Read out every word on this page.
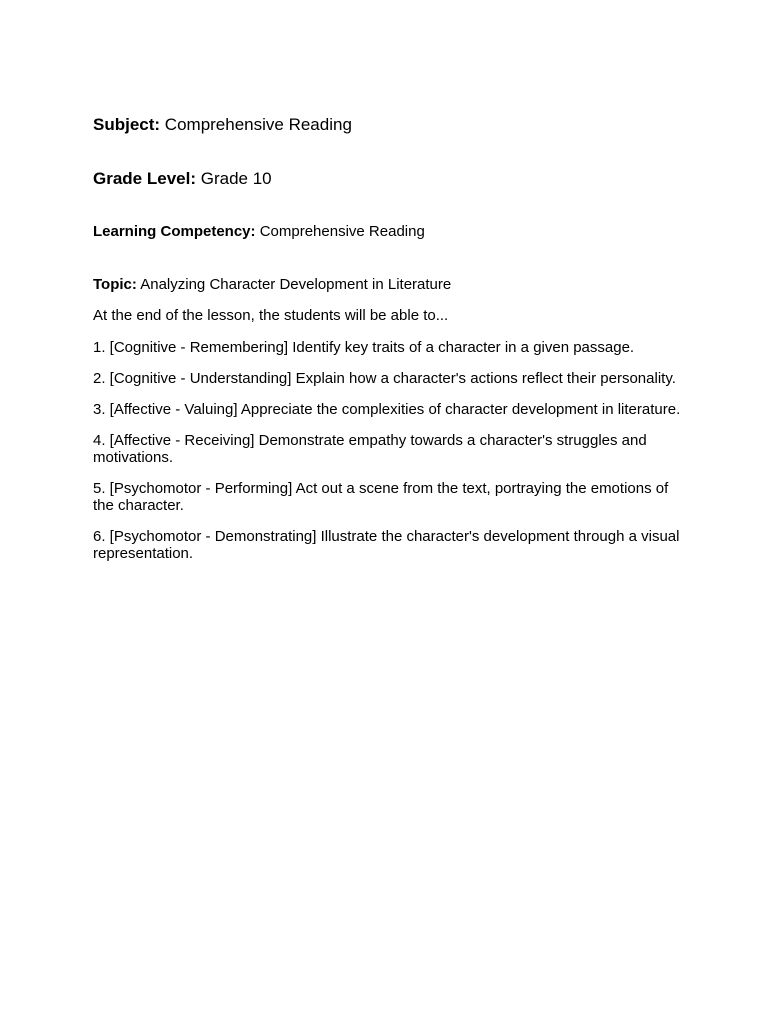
Subject: Comprehensive Reading

Grade Level: Grade 10

Learning Competency: Comprehensive Reading

Topic: Analyzing Character Development in Literature

At the end of the lesson, the students will be able to...

1. [Cognitive - Remembering] Identify key traits of a character in a given passage.
2. [Cognitive - Understanding] Explain how a character's actions reflect their personality.
3. [Affective - Valuing] Appreciate the complexities of character development in literature.
4. [Affective - Receiving] Demonstrate empathy towards a character's struggles and motivations.
5. [Psychomotor - Performing] Act out a scene from the text, portraying the emotions of the character.
6. [Psychomotor - Demonstrating] Illustrate the character's development through a visual representation.
